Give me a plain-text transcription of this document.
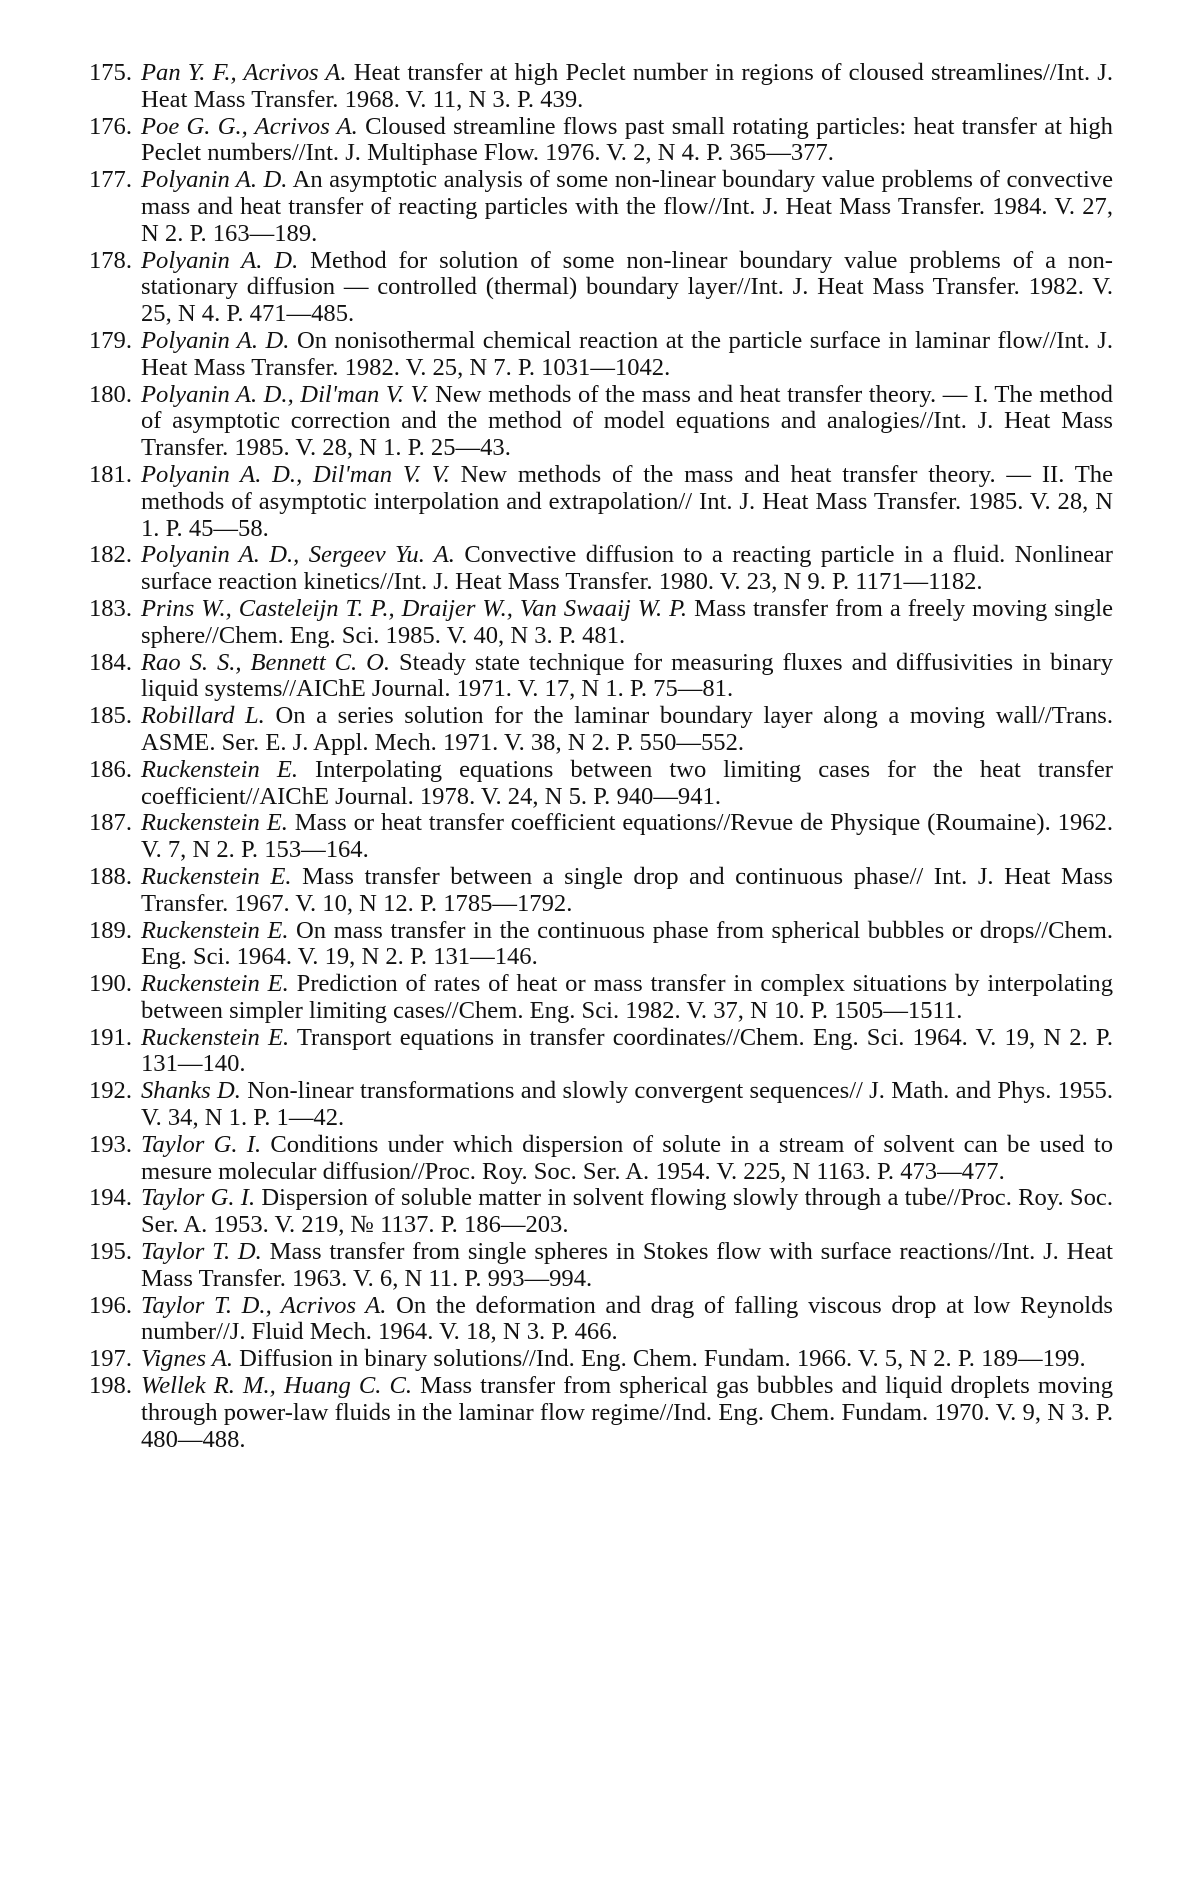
175. Pan Y. F., Acrivos A. Heat transfer at high Peclet number in regions of cloused streamlines//Int. J. Heat Mass Transfer. 1968. V. 11, N 3. P. 439.
176. Poe G. G., Acrivos A. Cloused streamline flows past small rotating particles: heat transfer at high Peclet numbers//Int. J. Multiphase Flow. 1976. V. 2, N 4. P. 365—377.
177. Polyanin A. D. An asymptotic analysis of some non-linear boundary value problems of convective mass and heat transfer of reacting particles with the flow//Int. J. Heat Mass Transfer. 1984. V. 27, N 2. P. 163—189.
178. Polyanin A. D. Method for solution of some non-linear boundary value problems of a non-stationary diffusion — controlled (thermal) boundary layer//Int. J. Heat Mass Transfer. 1982. V. 25, N 4. P. 471—485.
179. Polyanin A. D. On nonisothermal chemical reaction at the particle surface in laminar flow//Int. J. Heat Mass Transfer. 1982. V. 25, N 7. P. 1031—1042.
180. Polyanin A. D., Dil'man V. V. New methods of the mass and heat transfer theory. — I. The method of asymptotic correction and the method of model equations and analogies//Int. J. Heat Mass Transfer. 1985. V. 28, N 1. P. 25—43.
181. Polyanin A. D., Dil'man V. V. New methods of the mass and heat transfer theory. — II. The methods of asymptotic interpolation and extrapolation// Int. J. Heat Mass Transfer. 1985. V. 28, N 1. P. 45—58.
182. Polyanin A. D., Sergeev Yu. A. Convective diffusion to a reacting particle in a fluid. Nonlinear surface reaction kinetics//Int. J. Heat Mass Transfer. 1980. V. 23, N 9. P. 1171—1182.
183. Prins W., Casteleijn T. P., Draijer W., Van Swaaij W. P. Mass transfer from a freely moving single sphere//Chem. Eng. Sci. 1985. V. 40, N 3. P. 481.
184. Rao S. S., Bennett C. O. Steady state technique for measuring fluxes and diffusivities in binary liquid systems//AIChE Journal. 1971. V. 17, N 1. P. 75—81.
185. Robillard L. On a series solution for the laminar boundary layer along a moving wall//Trans. ASME. Ser. E. J. Appl. Mech. 1971. V. 38, N 2. P. 550—552.
186. Ruckenstein E. Interpolating equations between two limiting cases for the heat transfer coefficient//AIChE Journal. 1978. V. 24, N 5. P. 940—941.
187. Ruckenstein E. Mass or heat transfer coefficient equations//Revue de Physique (Roumaine). 1962. V. 7, N 2. P. 153—164.
188. Ruckenstein E. Mass transfer between a single drop and continuous phase// Int. J. Heat Mass Transfer. 1967. V. 10, N 12. P. 1785—1792.
189. Ruckenstein E. On mass transfer in the continuous phase from spherical bubbles or drops//Chem. Eng. Sci. 1964. V. 19, N 2. P. 131—146.
190. Ruckenstein E. Prediction of rates of heat or mass transfer in complex situations by interpolating between simpler limiting cases//Chem. Eng. Sci. 1982. V. 37, N 10. P. 1505—1511.
191. Ruckenstein E. Transport equations in transfer coordinates//Chem. Eng. Sci. 1964. V. 19, N 2. P. 131—140.
192. Shanks D. Non-linear transformations and slowly convergent sequences// J. Math. and Phys. 1955. V. 34, N 1. P. 1—42.
193. Taylor G. I. Conditions under which dispersion of solute in a stream of solvent can be used to mesure molecular diffusion//Proc. Roy. Soc. Ser. A. 1954. V. 225, N 1163. P. 473—477.
194. Taylor G. I. Dispersion of soluble matter in solvent flowing slowly through a tube//Proc. Roy. Soc. Ser. A. 1953. V. 219, № 1137. P. 186—203.
195. Taylor T. D. Mass transfer from single spheres in Stokes flow with surface reactions//Int. J. Heat Mass Transfer. 1963. V. 6, N 11. P. 993—994.
196. Taylor T. D., Acrivos A. On the deformation and drag of falling viscous drop at low Reynolds number//J. Fluid Mech. 1964. V. 18, N 3. P. 466.
197. Vignes A. Diffusion in binary solutions//Ind. Eng. Chem. Fundam. 1966. V. 5, N 2. P. 189—199.
198. Wellek R. M., Huang C. C. Mass transfer from spherical gas bubbles and liquid droplets moving through power-law fluids in the laminar flow regime//Ind. Eng. Chem. Fundam. 1970. V. 9, N 3. P. 480—488.
